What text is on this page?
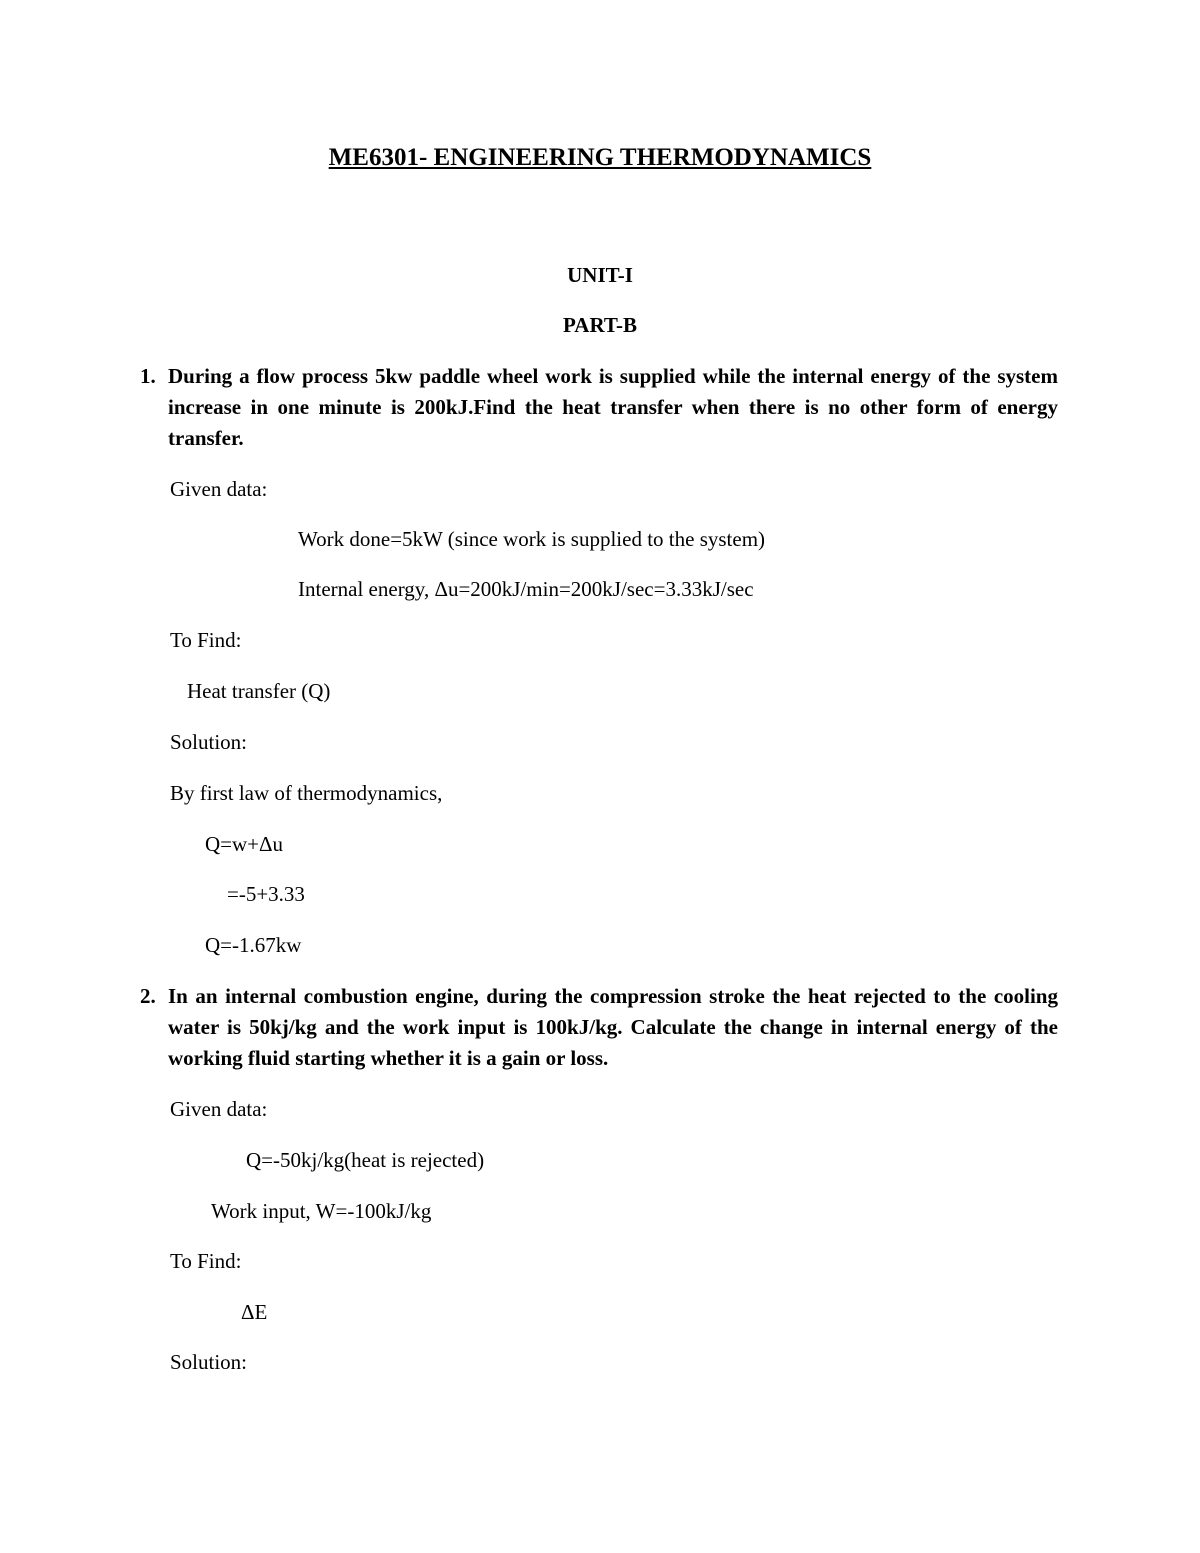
ME6301- ENGINEERING THERMODYNAMICS
UNIT-I
PART-B
1. During a flow process 5kw paddle wheel work is supplied while the internal energy of the system increase in one minute is 200kJ.Find the heat transfer when there is no other form of energy transfer.
Given data:
Work done=5kW (since work is supplied to the system)
Internal energy, Δu=200kJ/min=200kJ/sec=3.33kJ/sec
To Find:
Heat transfer (Q)
Solution:
By first law of thermodynamics,
Q=w+Δu
=-5+3.33
Q=-1.67kw
2. In an internal combustion engine, during the compression stroke the heat rejected to the cooling water is 50kj/kg and the work input is 100kJ/kg. Calculate the change in internal energy of the working fluid starting whether it is a gain or loss.
Given data:
Q=-50kj/kg(heat is rejected)
Work input, W=-100kJ/kg
To Find:
ΔE
Solution:
